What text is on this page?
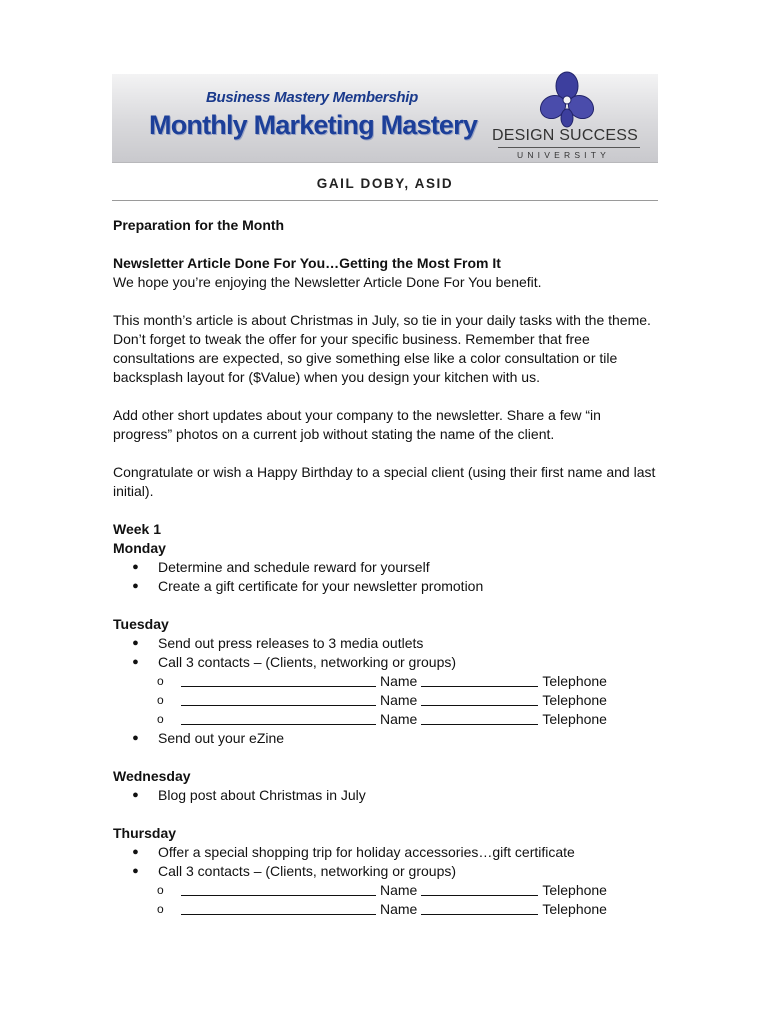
Business Mastery Membership

Monthly Marketing Mastery DESIGN SUCCESS

UNIVERSITY

GAIL DOBY, ASID

Preparation for the Month

Newsletter Article Done For You…Getting the Most From It

We hope you’re enjoying the Newsletter Article Done For You benefit.

This month’s article is about Christmas in July, so tie in your daily tasks with the theme.

Don’t forget to tweak the offer for your specific business. Remember that free

consultations are expected, so give something else like a color consultation or tile

backsplash layout for ($Value) when you design your kitchen with us.

Add other short updates about your company to the newsletter. Share a few “in

progress” photos on a current job without stating the name of the client.

Congratulate or wish a Happy Birthday to a special client (using their first name and last

initial).

Week 1

Monday

●	Determine and schedule reward for yourself
●	Create a gift certificate for your newsletter promotion

Tuesday

●	Send out press releases to 3 media outlets
●	Call 3 contacts – (Clients, networking or groups)
o	Name	Telephone
o	Name	Telephone
o	Name	Telephone
●	Send out your eZine

Wednesday

●	Blog post about Christmas in July

Thursday

●	Offer a special shopping trip for holiday accessories…gift certificate
●	Call 3 contacts – (Clients, networking or groups)
o	Name	Telephone
o	Name	Telephone
